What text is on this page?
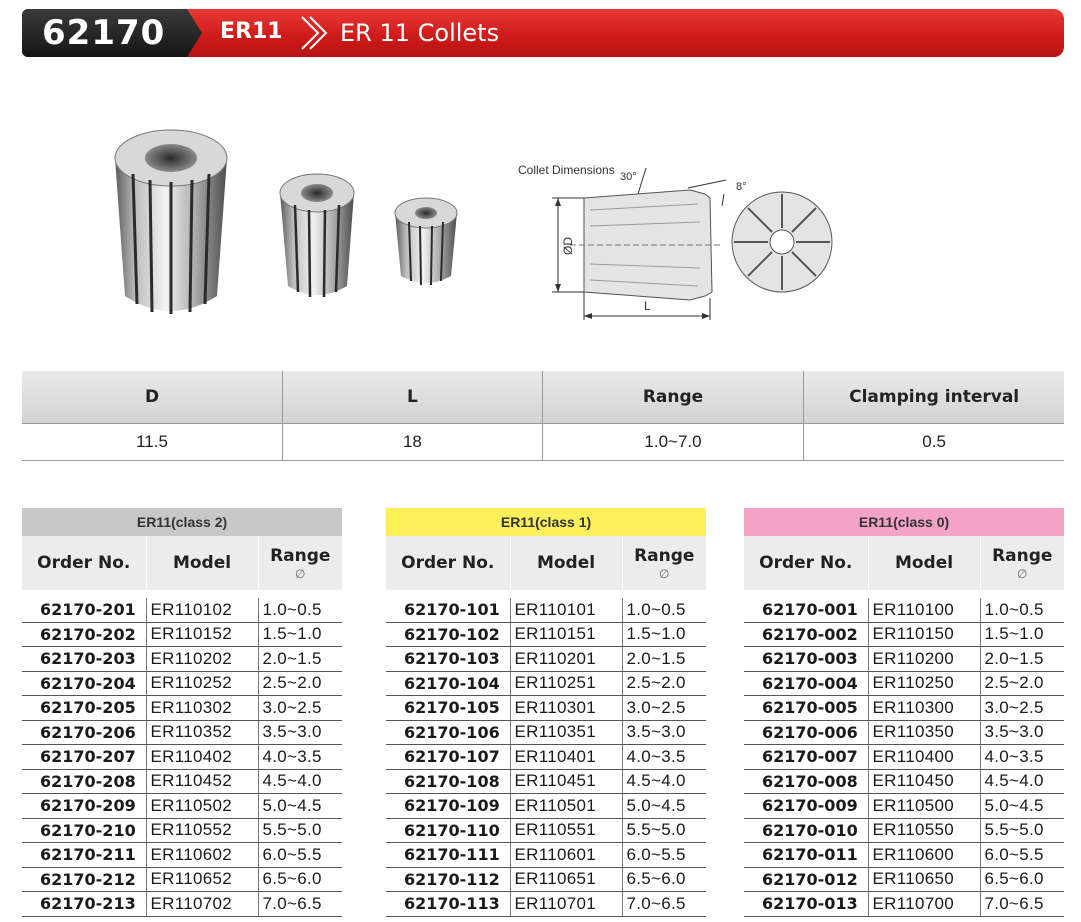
62170 ER11 ER 11 Collets
Collet Dimensions 30°
8°
ØD
L
D	L	Range	Clamping interval
11.5	18	1.0~7.0	0.5
ER11(class 2)		
Order No.	Model	Range
∅

62170-201	ER110102	1.0~0.5
62170-202	ER110152	1.5~1.0
62170-203	ER110202	2.0~1.5
62170-204	ER110252	2.5~2.0
62170-205	ER110302	3.0~2.5
62170-206	ER110352	3.5~3.0
62170-207	ER110402	4.0~3.5
62170-208	ER110452	4.5~4.0
62170-209	ER110502	5.0~4.5
62170-210	ER110552	5.5~5.0
62170-211	ER110602	6.0~5.5
62170-212	ER110652	6.5~6.0
62170-213	ER110702	7.0~6.5
ER11(class 1)		
Order No.	Model	Range
∅

62170-101	ER110101	1.0~0.5
62170-102	ER110151	1.5~1.0
62170-103	ER110201	2.0~1.5
62170-104	ER110251	2.5~2.0
62170-105	ER110301	3.0~2.5
62170-106	ER110351	3.5~3.0
62170-107	ER110401	4.0~3.5
62170-108	ER110451	4.5~4.0
62170-109	ER110501	5.0~4.5
62170-110	ER110551	5.5~5.0
62170-111	ER110601	6.0~5.5
62170-112	ER110651	6.5~6.0
62170-113	ER110701	7.0~6.5
ER11(class 0)		
Order No.	Model	Range
∅

62170-001	ER110100	1.0~0.5
62170-002	ER110150	1.5~1.0
62170-003	ER110200	2.0~1.5
62170-004	ER110250	2.5~2.0
62170-005	ER110300	3.0~2.5
62170-006	ER110350	3.5~3.0
62170-007	ER110400	4.0~3.5
62170-008	ER110450	4.5~4.0
62170-009	ER110500	5.0~4.5
62170-010	ER110550	5.5~5.0
62170-011	ER110600	6.0~5.5
62170-012	ER110650	6.5~6.0
62170-013	ER110700	7.0~6.5
